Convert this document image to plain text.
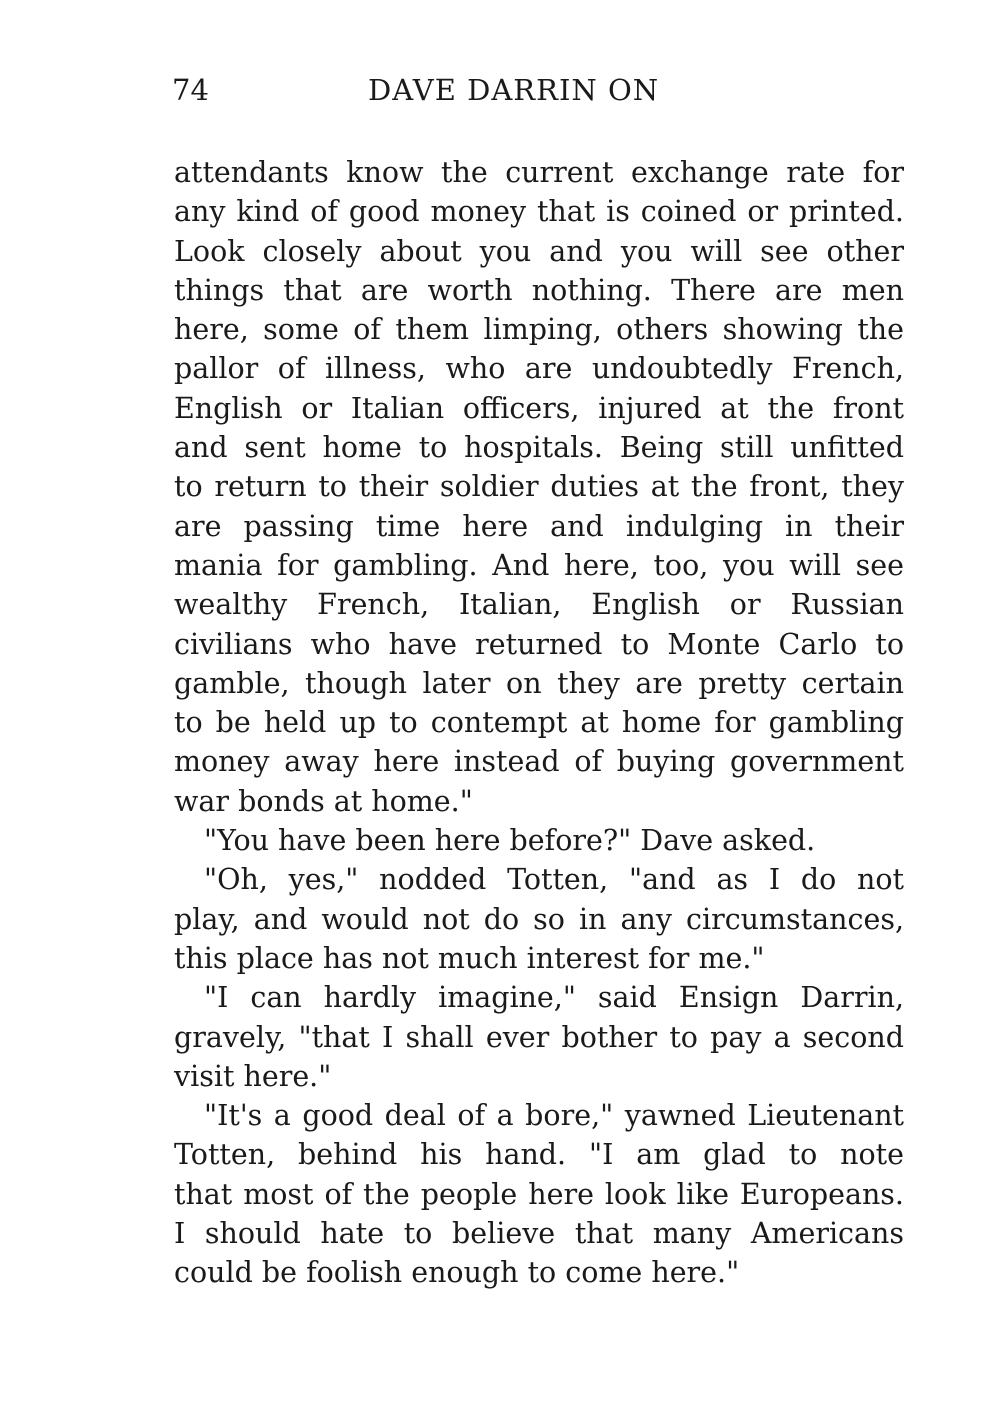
74	DAVE DARRIN ON
attendants know the current exchange rate for
any kind of good money that is coined or printed.
Look closely about you and you will see other
things that are worth nothing. There are men
here, some of them limping, others showing the
pallor of illness, who are undoubtedly French,
English or Italian officers, injured at the front
and sent home to hospitals. Being still unfitted
to return to their soldier duties at the front, they
are passing time here and indulging in their
mania for gambling. And here, too, you will see
wealthy French, Italian, English or Russian
civilians who have returned to Monte Carlo to
gamble, though later on they are pretty certain
to be held up to contempt at home for gambling
money away here instead of buying government
war bonds at home."
"You have been here before?" Dave asked.
"Oh, yes," nodded Totten, "and as I do not
play, and would not do so in any circumstances,
this place has not much interest for me."
"I can hardly imagine," said Ensign Darrin,
gravely, "that I shall ever bother to pay a second
visit here."
"It's a good deal of a bore," yawned Lieutenant
Totten, behind his hand. "I am glad to note
that most of the people here look like Europeans.
I should hate to believe that many Americans
could be foolish enough to come here."
